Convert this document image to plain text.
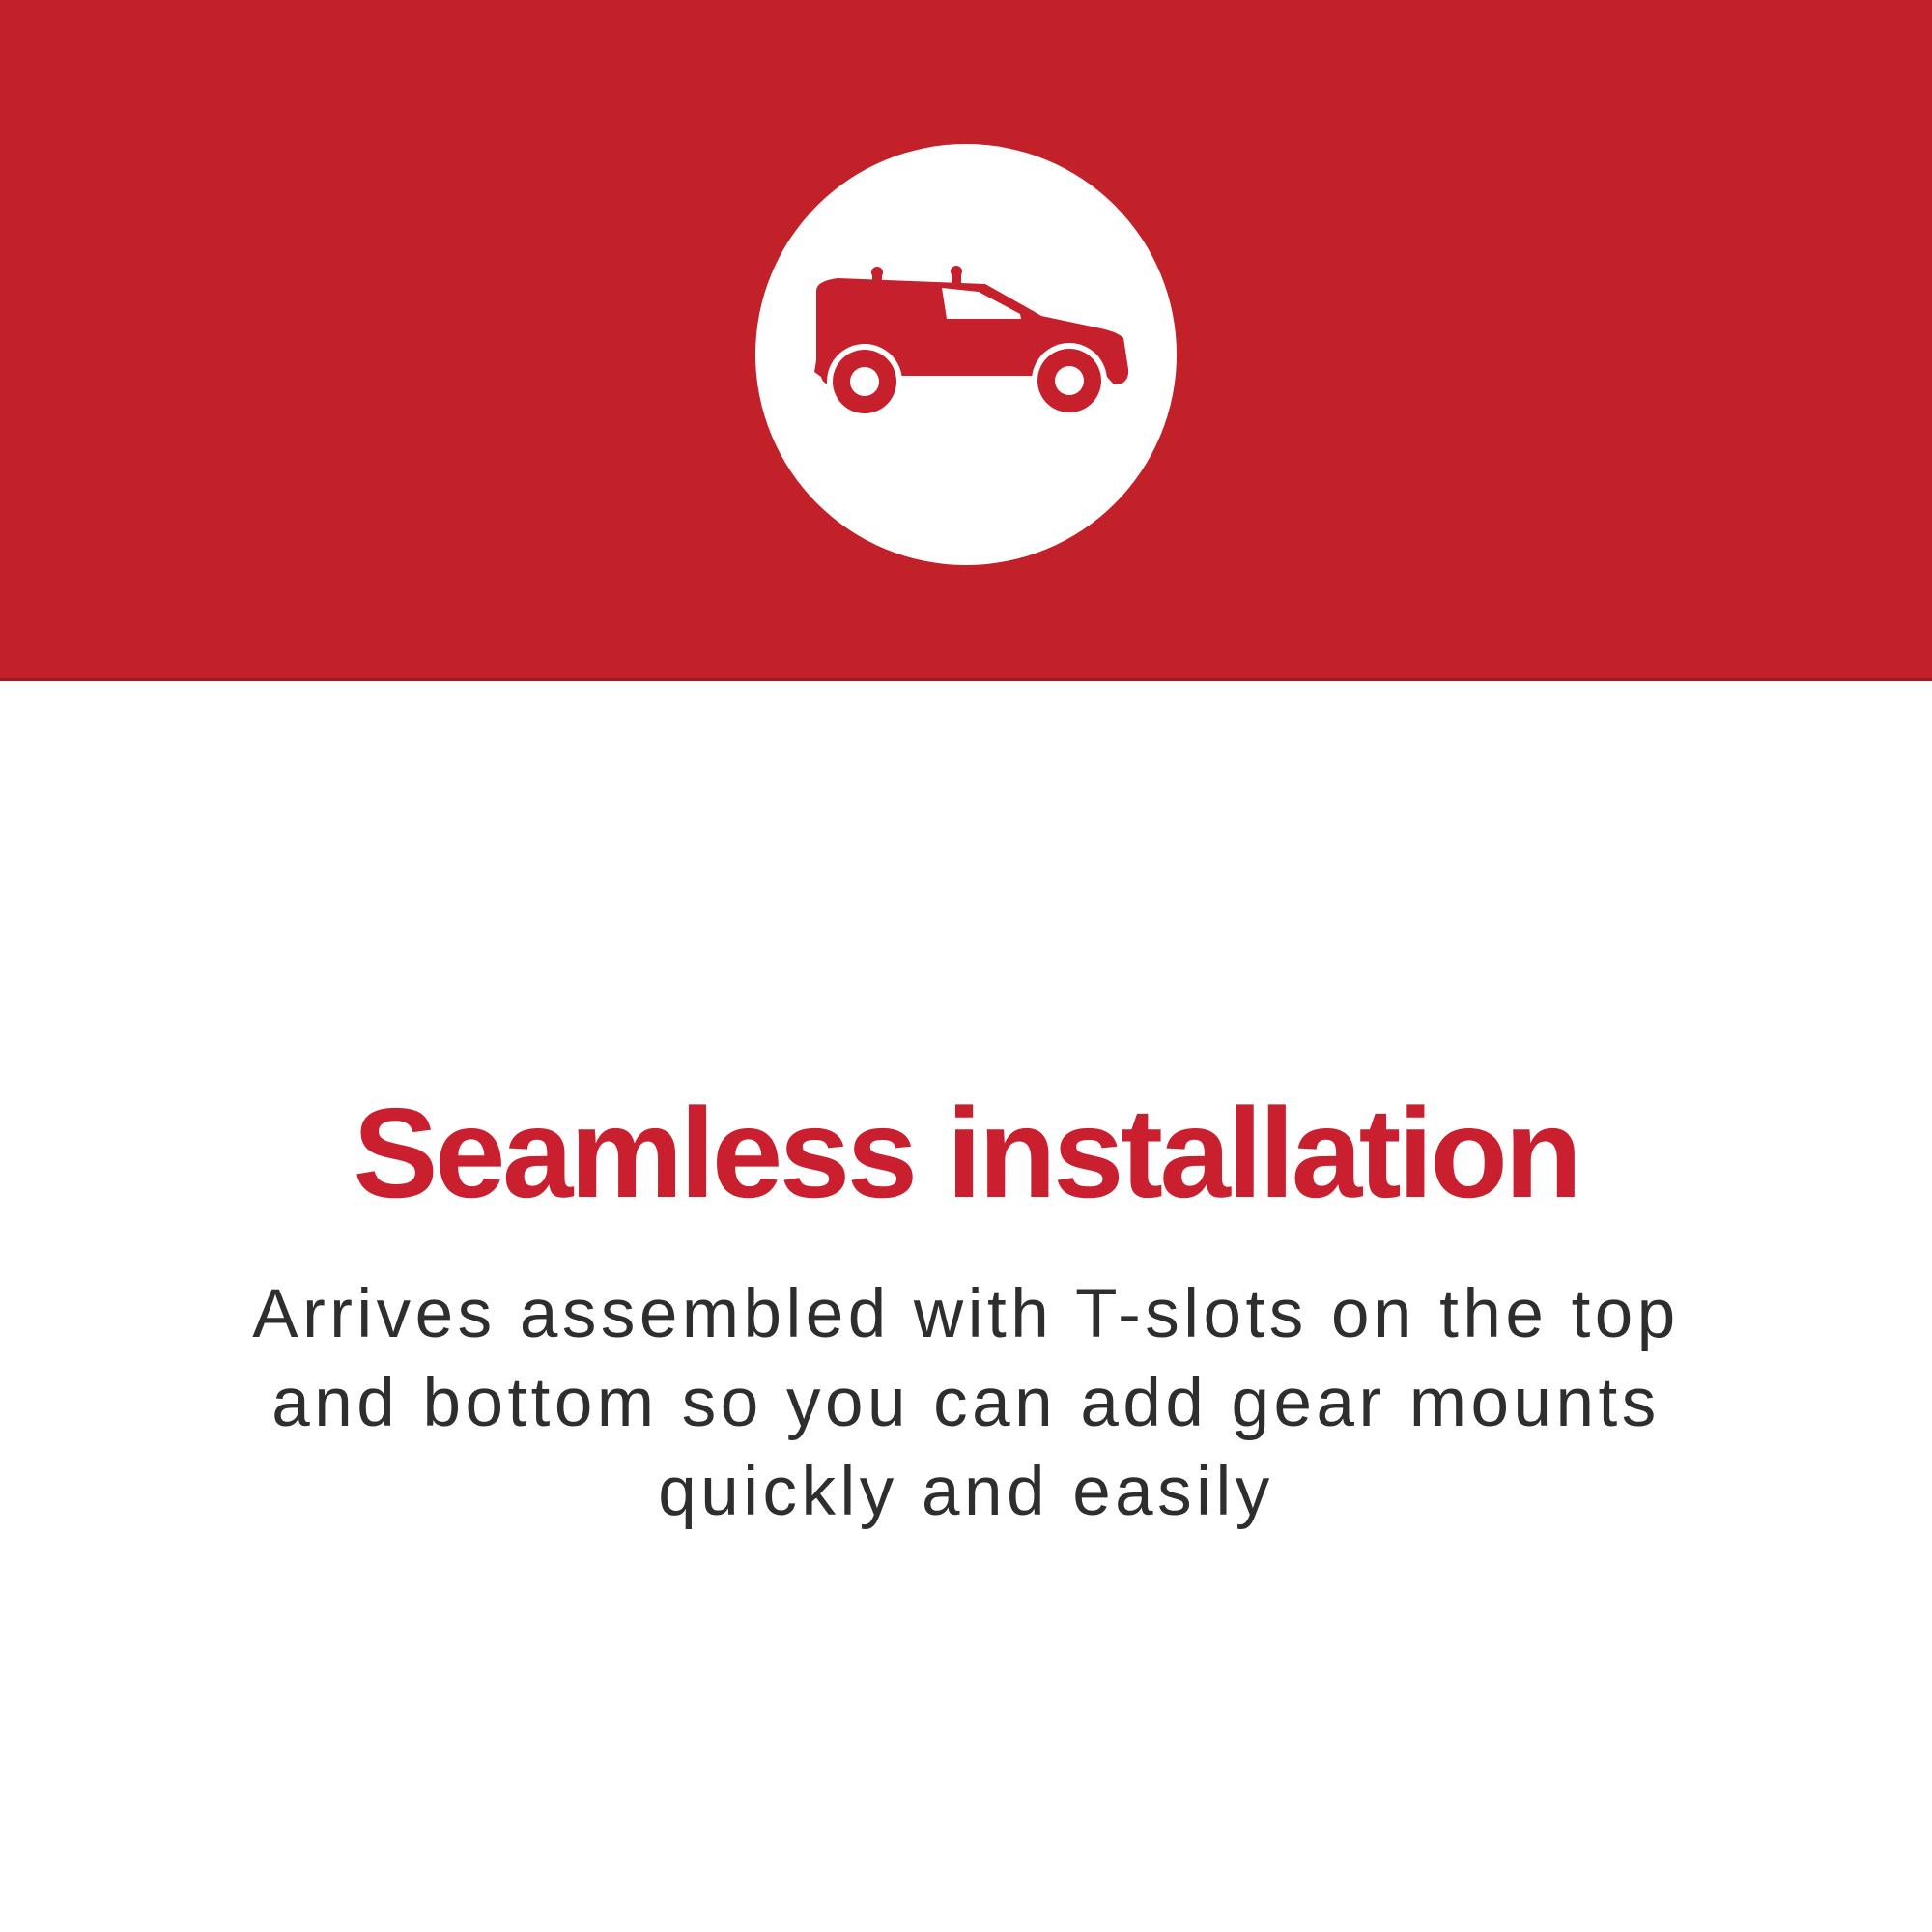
Seamless installation

Arrives assembled with T-slots on the top
and bottom so you can add gear mounts
quickly and easily
